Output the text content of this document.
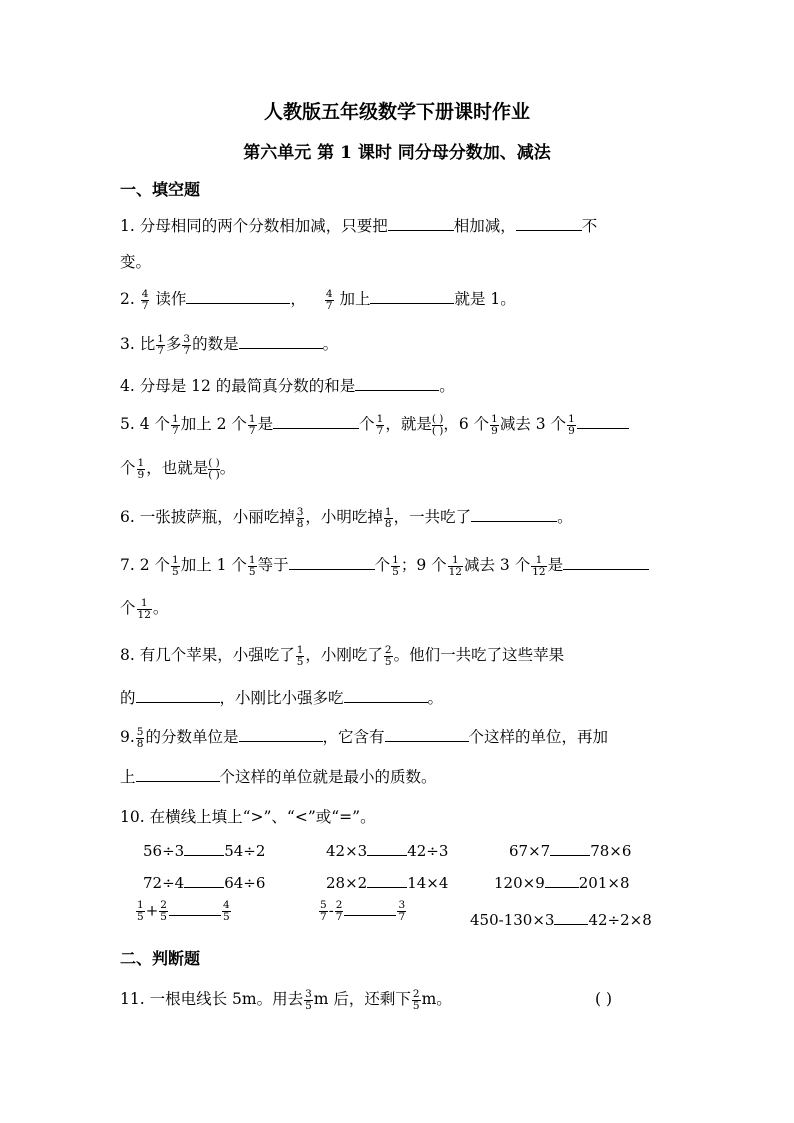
人教版五年级数学下册课时作业
第六单元 第 1 课时 同分母分数加、减法
一、填空题
1. 分母相同的两个分数相加减，只要把	相加减，	不
变。
2. $\frac{4}{7}$ 读作	， $\frac{4}{7}$ 加上	就是 1。
3. 比 $\frac{1}{7}$ 多 $\frac{3}{7}$ 的数是	。
4. 分母是 12 的最简真分数的和是	。
5. 4 个 $\frac{1}{7}$ 加上 2 个 $\frac{1}{7}$ 是	个 $\frac{1}{7}$ ，就是 ( )
( ) ，6 个 $\frac{1}{9}$ 减去 3 个 $\frac{1}{9}$
个 $\frac{1}{9}$ ，也就是 ( )
( ) 。
6. 一张披萨瓶，小丽吃掉 $\frac{3}{8}$ ，小明吃掉 $\frac{1}{8}$ ，一共吃了	。
7. 2 个 $\frac{1}{5}$ 加上 1 个 $\frac{1}{5}$ 等于	个 $\frac{1}{5}$ ；9 个 $\frac{1}{12}$ 减去 3 个 $\frac{1}{12}$ 是
个 $\frac{1}{12}$ 。
8. 有几个苹果，小强吃了 $\frac{1}{5}$ ，小刚吃了 $\frac{2}{5}$ 。他们一共吃了这些苹果
的	，小刚比小强多吃	。
9. $\frac{5}{8}$ 的分数单位是	，它含有	个这样的单位，再加
上	个这样的单位就是最小的质数。
10. 在横线上填上“>”、“<”或“=”。
56÷3	54÷2	42×3	42÷3	67×7	78×6
72÷4	64÷6	28×2	14×4	120×9 201×8
$\frac{1}{5} + \frac{2}{5}$	$\frac{4}{5}$	$\frac{5}{7} - \frac{2}{7}$	$\frac{3}{7}$	450-130×3 42÷2×8
二、判断题
11. 一根电线长 5m。用去 $\frac{3}{5}$ m 后，还剩下 $\frac{2}{5}$ m。	( )
